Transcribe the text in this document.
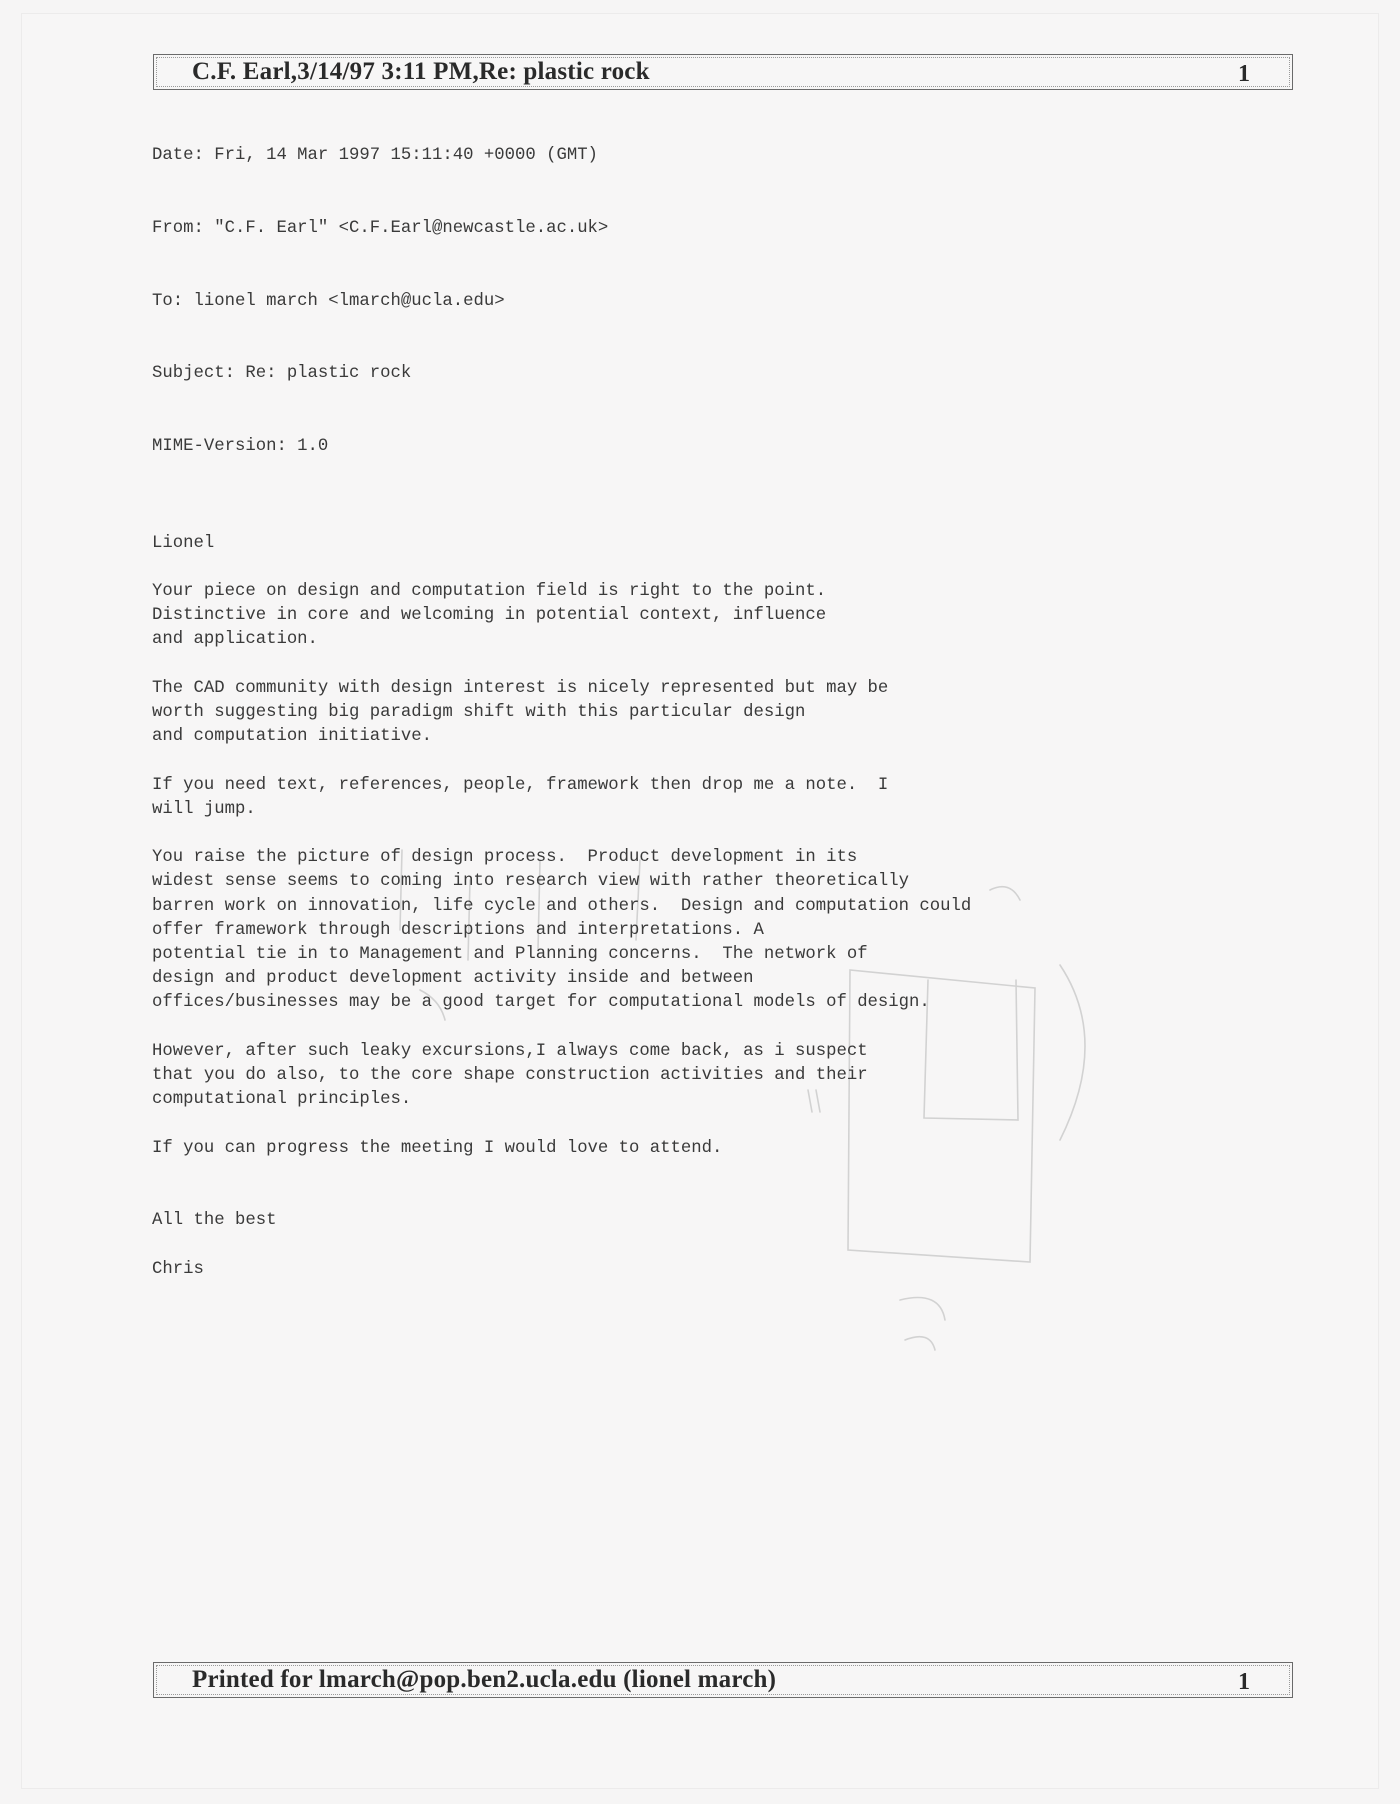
C.F. Earl,3/14/97 3:11 PM,Re: plastic rock	1

Date: Fri, 14 Mar 1997 15:11:40 +0000 (GMT)

From: "C.F. Earl" <C.F.Earl@newcastle.ac.uk>

To: lionel march <lmarch@ucla.edu>

Subject: Re: plastic rock

MIME-Version: 1.0

Lionel
Your piece on design and computation field is right to the point.
Distinctive in core and welcoming in potential context, influence
and application.
The CAD community with design interest is nicely represented but may be
worth suggesting big paradigm shift with this particular design
and computation initiative.
If you need text, references, people, framework then drop me a note.  I
will jump.
You raise the picture of design process.  Product development in its
widest sense seems to coming into research view with rather theoretically
barren work on innovation, life cycle and others.  Design and computation could
offer framework through descriptions and interpretations. A
potential tie in to Management and Planning concerns.  The network of
design and product development activity inside and between
offices/businesses may be a good target for computational models of design.
However, after such leaky excursions,I always come back, as i suspect
that you do also, to the core shape construction activities and their
computational principles.
If you can progress the meeting I would love to attend.
All the best
Chris

Printed for lmarch@pop.ben2.ucla.edu (lionel march)	1
